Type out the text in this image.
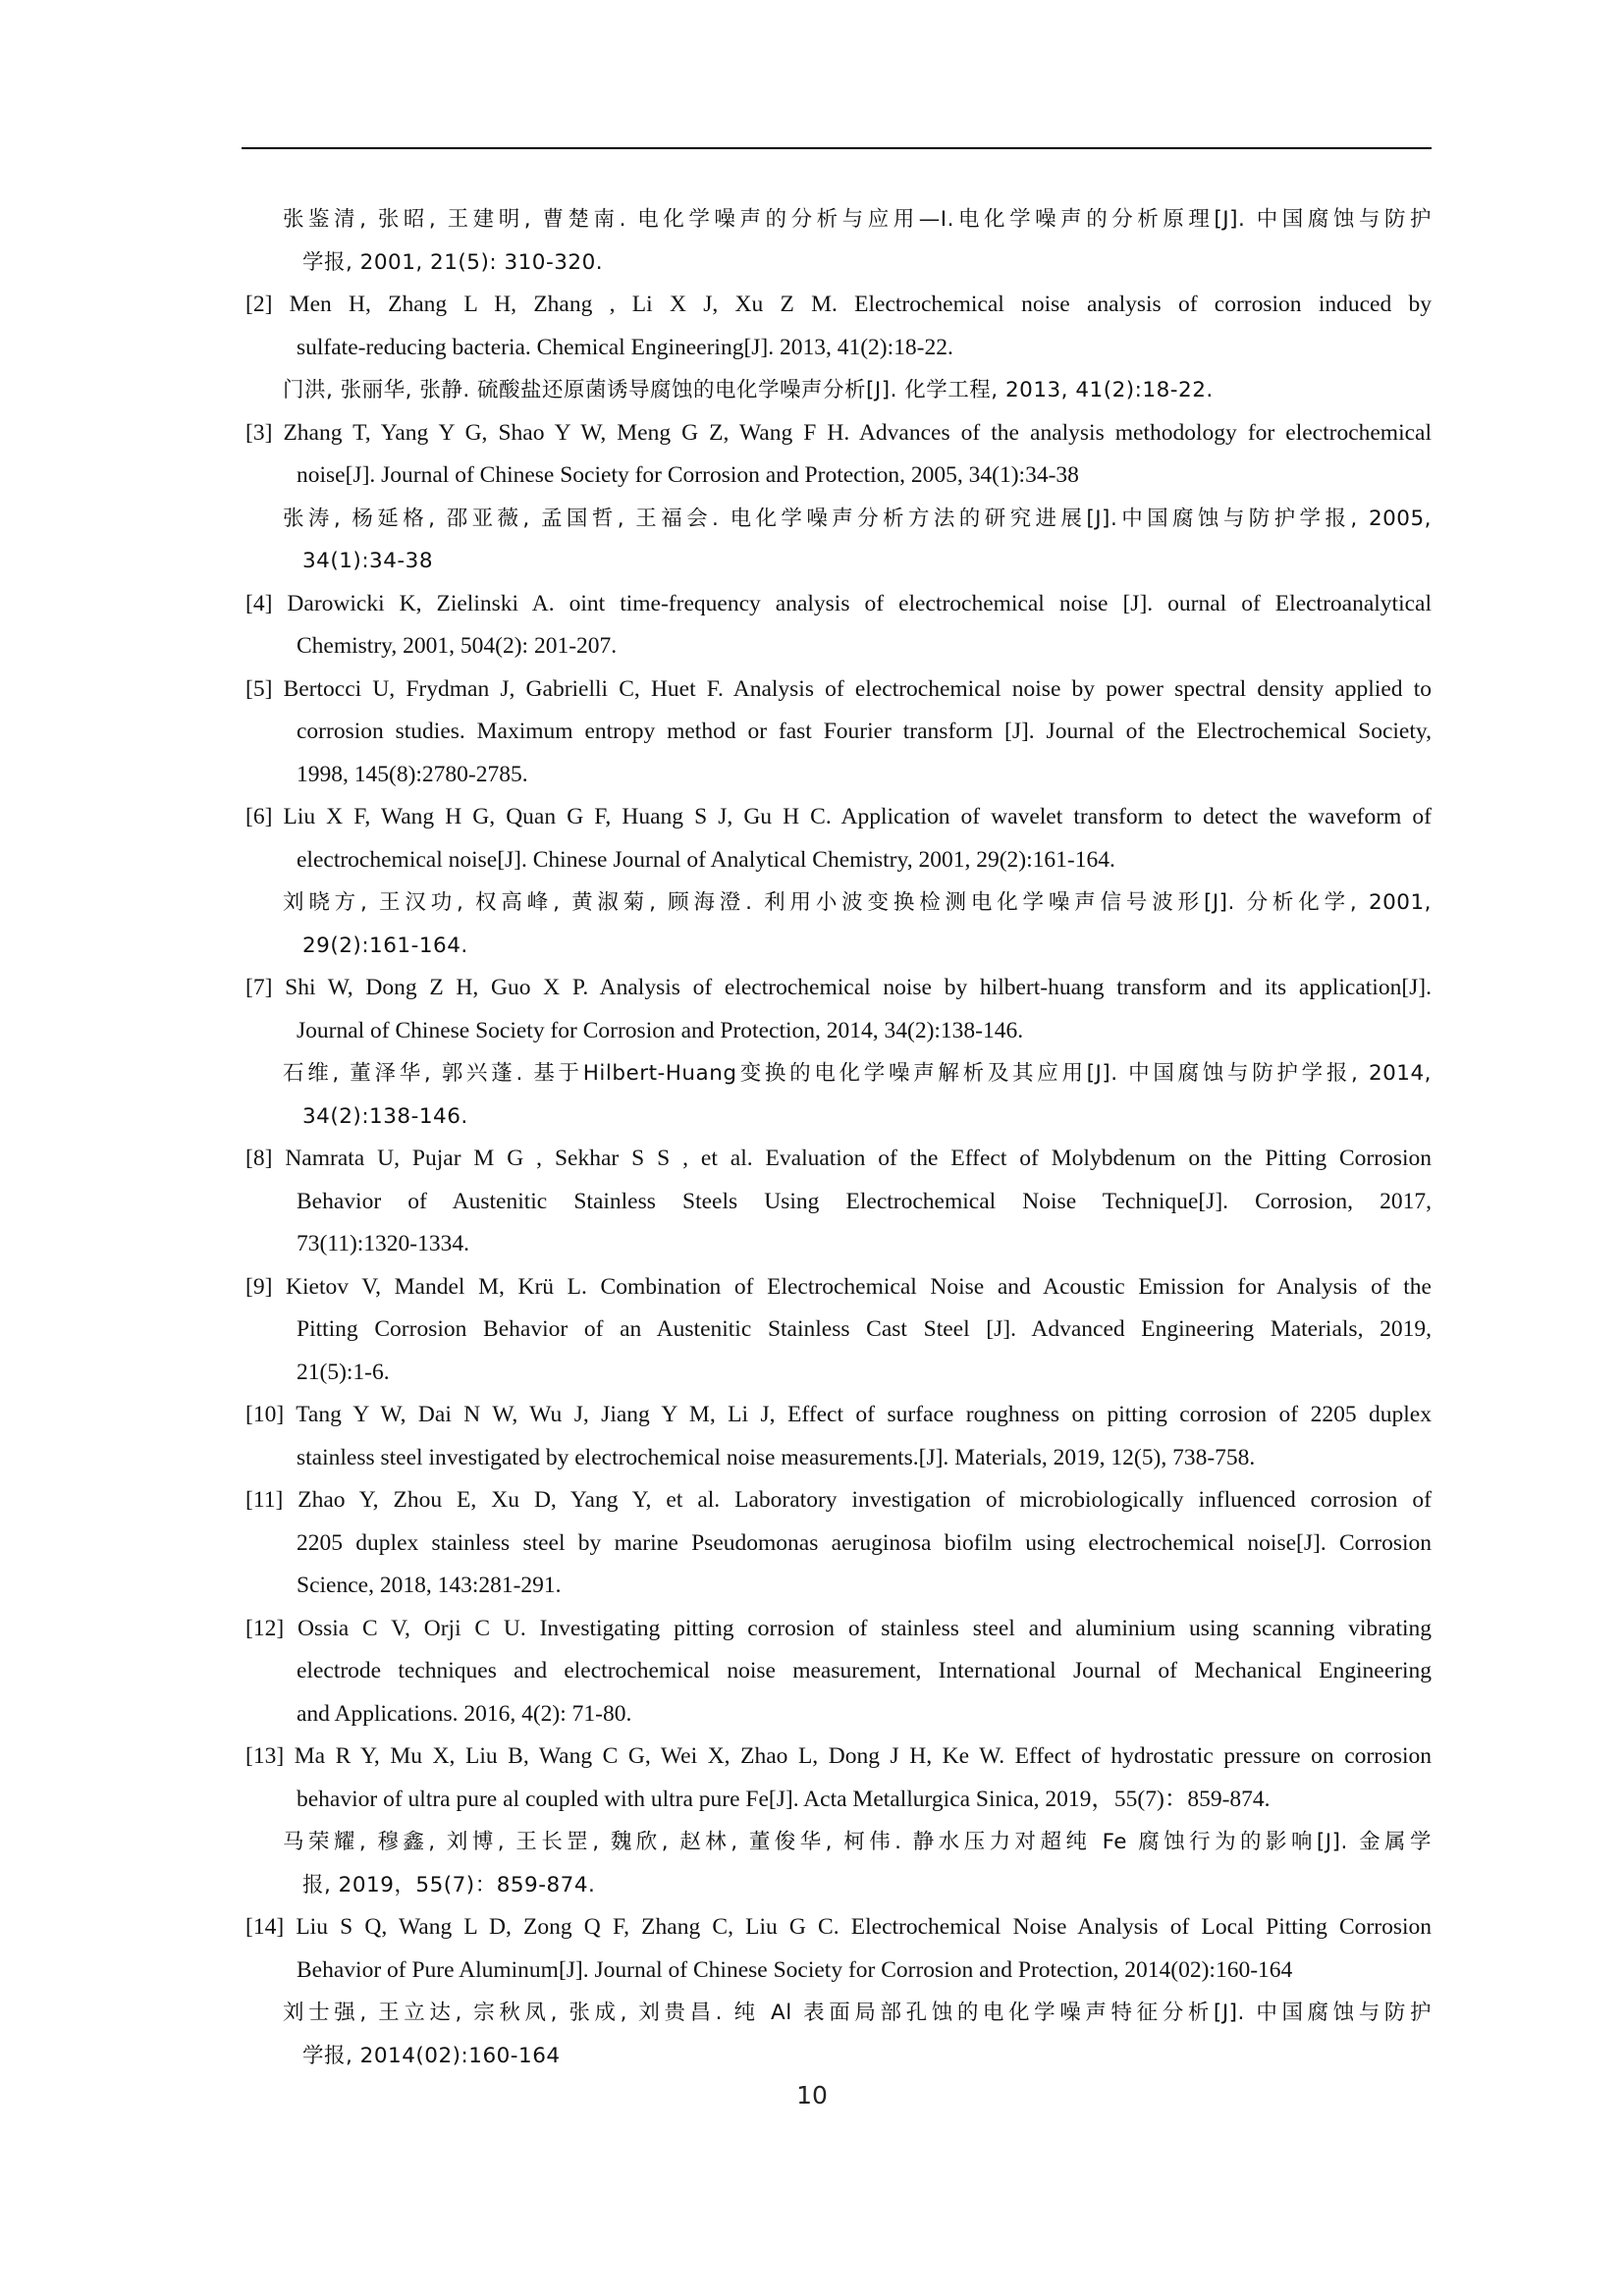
张鉴清, 张昭, 王建明, 曹楚南. 电化学噪声的分析与应用—I.电化学噪声的分析原理[J]. 中国腐蚀与防护
学报, 2001, 21(5): 310-320.
[2] Men H, Zhang L H, Zhang , Li X J, Xu Z M. Electrochemical noise analysis of corrosion induced by
sulfate-reducing bacteria. Chemical Engineering[J]. 2013, 41(2):18-22.
门洪, 张丽华, 张静. 硫酸盐还原菌诱导腐蚀的电化学噪声分析[J]. 化学工程, 2013, 41(2):18-22.
[3] Zhang T, Yang Y G, Shao Y W, Meng G Z, Wang F H. Advances of the analysis methodology for electrochemical
noise[J]. Journal of Chinese Society for Corrosion and Protection, 2005, 34(1):34-38
张涛, 杨延格, 邵亚薇, 孟国哲, 王福会. 电化学噪声分析方法的研究进展[J].中国腐蚀与防护学报, 2005,
34(1):34-38
[4] Darowicki K, Zielinski A. oint time-frequency analysis of electrochemical noise [J]. ournal of Electroanalytical
Chemistry, 2001, 504(2): 201-207.
[5] Bertocci U, Frydman J, Gabrielli C, Huet F. Analysis of electrochemical noise by power spectral density applied to
corrosion studies. Maximum entropy method or fast Fourier transform [J]. Journal of the Electrochemical Society,
1998, 145(8):2780-2785.
[6] Liu X F, Wang H G, Quan G F, Huang S J, Gu H C. Application of wavelet transform to detect the waveform of
electrochemical noise[J]. Chinese Journal of Analytical Chemistry, 2001, 29(2):161-164.
刘晓方, 王汉功, 权高峰, 黄淑菊, 顾海澄. 利用小波变换检测电化学噪声信号波形[J]. 分析化学, 2001,
29(2):161-164.
[7] Shi W, Dong Z H, Guo X P. Analysis of electrochemical noise by hilbert-huang transform and its application[J].
Journal of Chinese Society for Corrosion and Protection, 2014, 34(2):138-146.
石维, 董泽华, 郭兴蓬. 基于Hilbert-Huang变换的电化学噪声解析及其应用[J]. 中国腐蚀与防护学报, 2014,
34(2):138-146.
[8] Namrata U, Pujar M G , Sekhar S S , et al. Evaluation of the Effect of Molybdenum on the Pitting Corrosion
Behavior of Austenitic Stainless Steels Using Electrochemical Noise Technique[J]. Corrosion, 2017,
73(11):1320-1334.
[9] Kietov V, Mandel M, Krü L. Combination of Electrochemical Noise and Acoustic Emission for Analysis of the
Pitting Corrosion Behavior of an Austenitic Stainless Cast Steel [J]. Advanced Engineering Materials, 2019,
21(5):1-6.
[10] Tang Y W, Dai N W, Wu J, Jiang Y M, Li J, Effect of surface roughness on pitting corrosion of 2205 duplex
stainless steel investigated by electrochemical noise measurements.[J]. Materials, 2019, 12(5), 738-758.
[11] Zhao Y, Zhou E, Xu D, Yang Y, et al. Laboratory investigation of microbiologically influenced corrosion of
2205 duplex stainless steel by marine Pseudomonas aeruginosa biofilm using electrochemical noise[J]. Corrosion
Science, 2018, 143:281-291.
[12] Ossia C V, Orji C U. Investigating pitting corrosion of stainless steel and aluminium using scanning vibrating
electrode techniques and electrochemical noise measurement, International Journal of Mechanical Engineering
and Applications. 2016, 4(2): 71-80.
[13] Ma R Y, Mu X, Liu B, Wang C G, Wei X, Zhao L, Dong J H, Ke W. Effect of hydrostatic pressure on corrosion
behavior of ultra pure al coupled with ultra pure Fe[J]. Acta Metallurgica Sinica, 2019，55(7)：859-874.
马荣耀, 穆鑫, 刘博, 王长罡, 魏欣, 赵林, 董俊华, 柯伟. 静水压力对超纯 Fe 腐蚀行为的影响[J]. 金属学
报, 2019，55(7)：859-874.
[14] Liu S Q, Wang L D, Zong Q F, Zhang C, Liu G C. Electrochemical Noise Analysis of Local Pitting Corrosion
Behavior of Pure Aluminum[J]. Journal of Chinese Society for Corrosion and Protection, 2014(02):160-164
刘士强, 王立达, 宗秋凤, 张成, 刘贵昌. 纯 Al 表面局部孔蚀的电化学噪声特征分析[J]. 中国腐蚀与防护
学报, 2014(02):160-164
10
